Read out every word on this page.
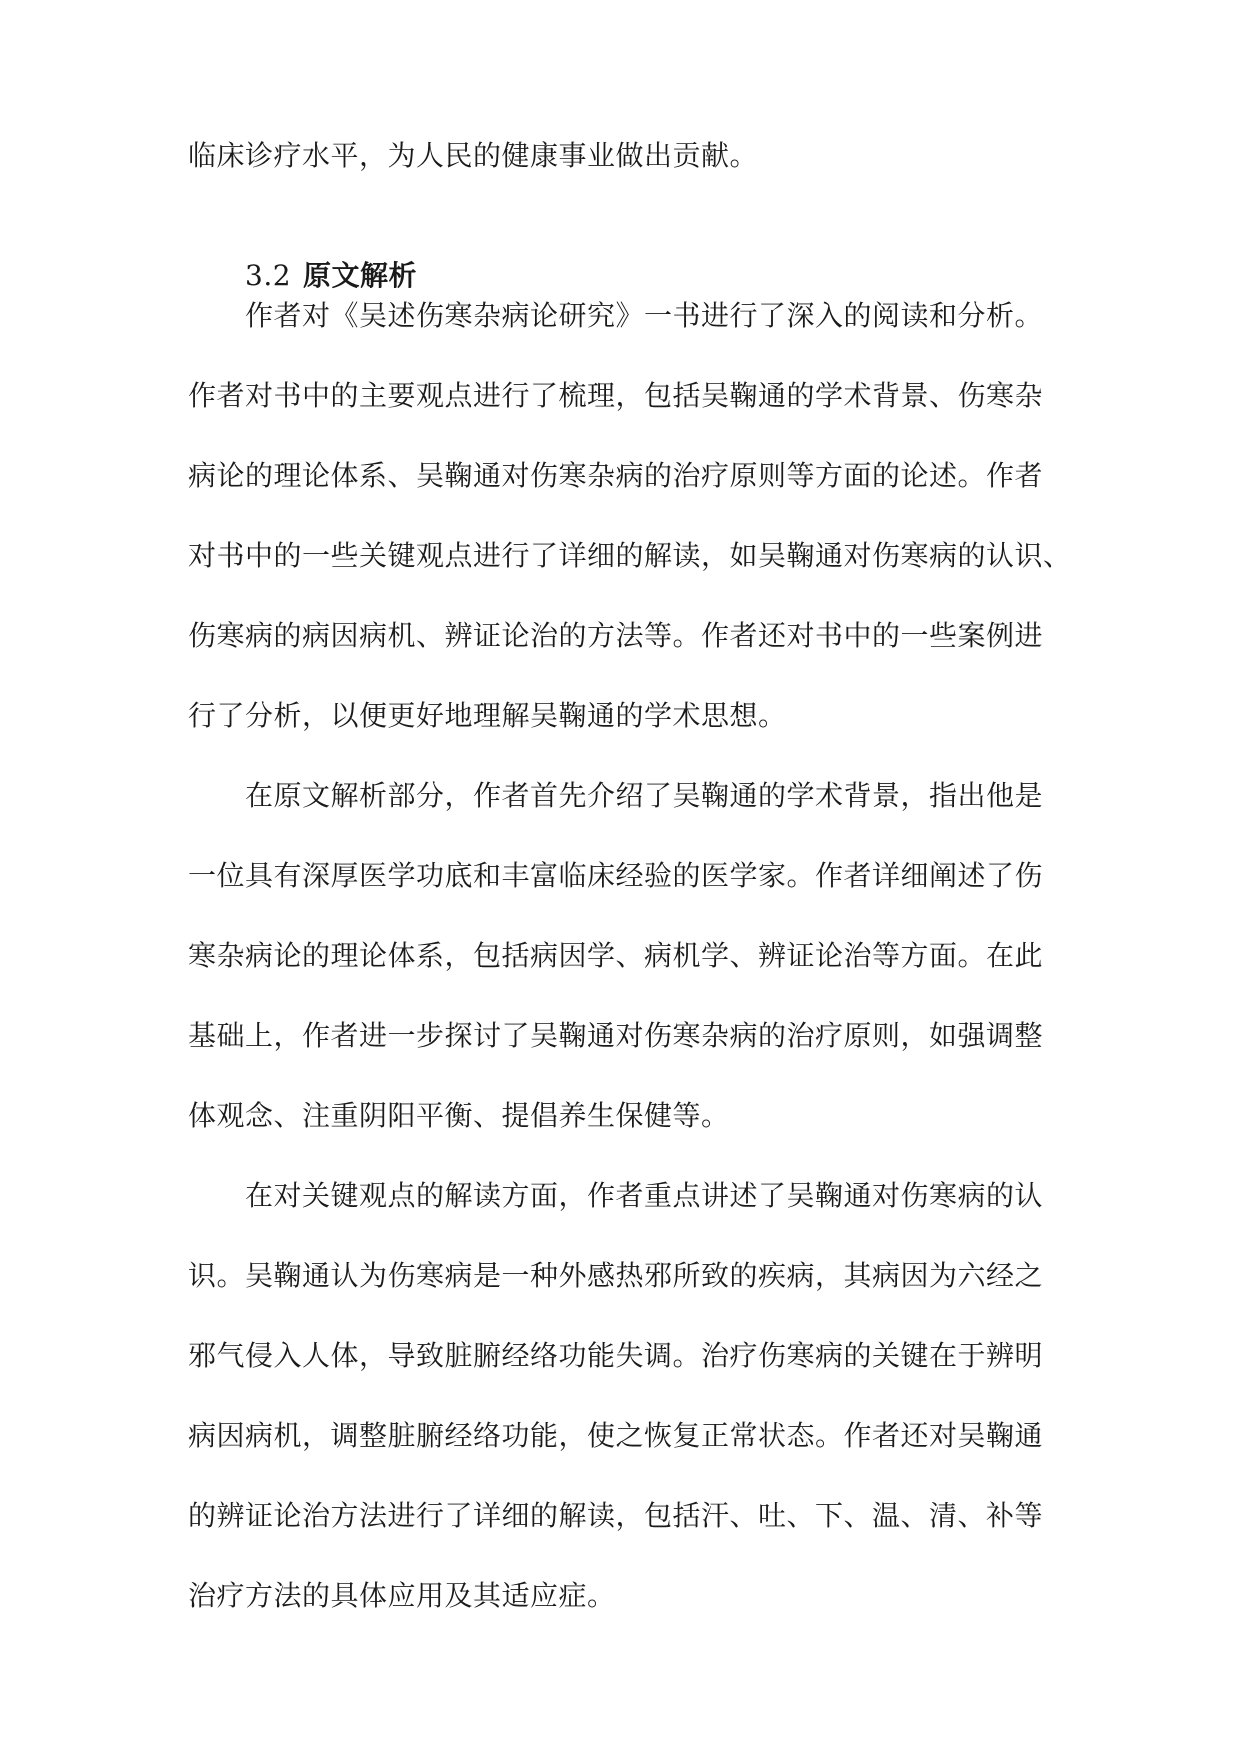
临床诊疗水平，为人民的健康事业做出贡献。
3.2 原文解析
作者对《吴述伤寒杂病论研究》一书进行了深入的阅读和分析。
作者对书中的主要观点进行了梳理，包括吴鞠通的学术背景、伤寒杂
病论的理论体系、吴鞠通对伤寒杂病的治疗原则等方面的论述。作者
对书中的一些关键观点进行了详细的解读，如吴鞠通对伤寒病的认识、
伤寒病的病因病机、辨证论治的方法等。作者还对书中的一些案例进
行了分析，以便更好地理解吴鞠通的学术思想。
在原文解析部分，作者首先介绍了吴鞠通的学术背景，指出他是
一位具有深厚医学功底和丰富临床经验的医学家。作者详细阐述了伤
寒杂病论的理论体系，包括病因学、病机学、辨证论治等方面。在此
基础上，作者进一步探讨了吴鞠通对伤寒杂病的治疗原则，如强调整
体观念、注重阴阳平衡、提倡养生保健等。
在对关键观点的解读方面，作者重点讲述了吴鞠通对伤寒病的认
识。吴鞠通认为伤寒病是一种外感热邪所致的疾病，其病因为六经之
邪气侵入人体，导致脏腑经络功能失调。治疗伤寒病的关键在于辨明
病因病机，调整脏腑经络功能，使之恢复正常状态。作者还对吴鞠通
的辨证论治方法进行了详细的解读，包括汗、吐、下、温、清、补等
治疗方法的具体应用及其适应症。
